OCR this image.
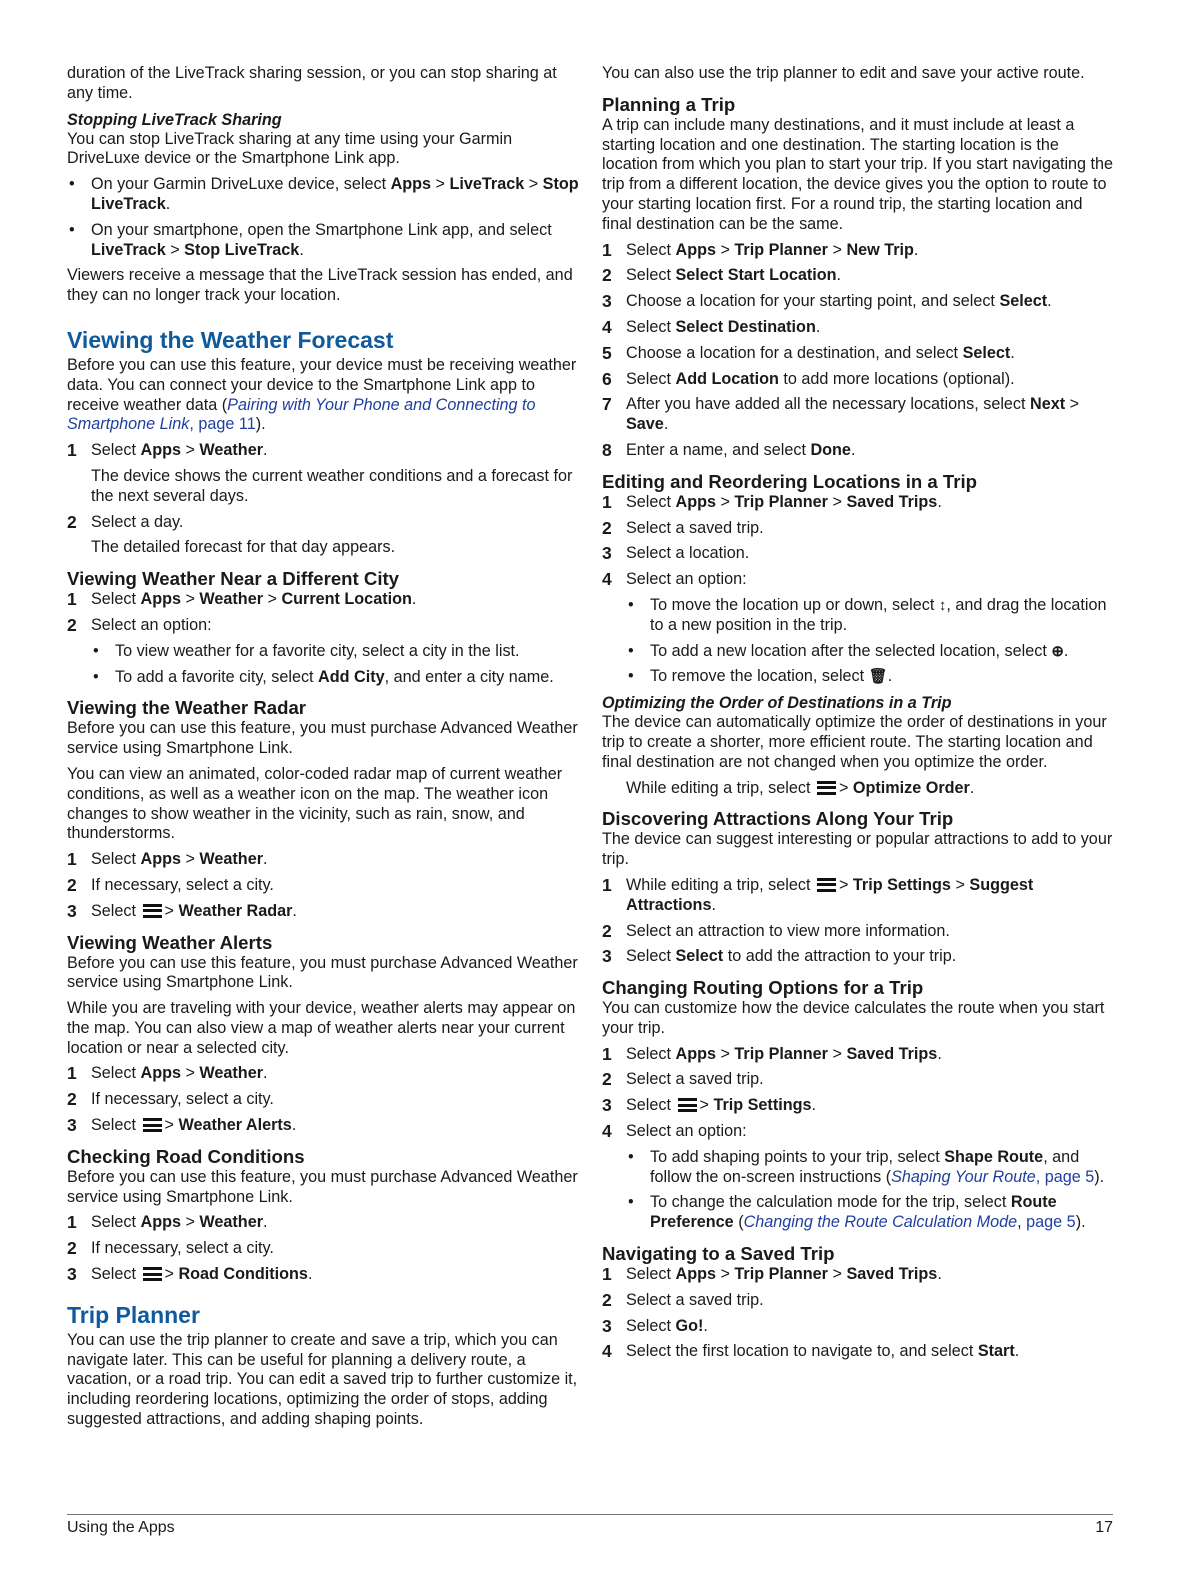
duration of the LiveTrack sharing session, or you can stop sharing at any time.

Stopping LiveTrack Sharing

You can stop LiveTrack sharing at any time using your Garmin DriveLuxe device or the Smartphone Link app.

• On your Garmin DriveLuxe device, select Apps > LiveTrack > Stop LiveTrack.
• On your smartphone, open the Smartphone Link app, and select LiveTrack > Stop LiveTrack.

Viewers receive a message that the LiveTrack session has ended, and they can no longer track your location.

Viewing the Weather Forecast

Before you can use this feature, your device must be receiving weather data. You can connect your device to the Smartphone Link app to receive weather data (Pairing with Your Phone and Connecting to Smartphone Link, page 11).

1 Select Apps > Weather.

The device shows the current weather conditions and a forecast for the next several days.

2 Select a day.

The detailed forecast for that day appears.

Viewing Weather Near a Different City
1 Select Apps > Weather > Current Location.
2 Select an option:
• To view weather for a favorite city, select a city in the list.
• To add a favorite city, select Add City, and enter a city name.
Viewing the Weather Radar

Before you can use this feature, you must purchase Advanced Weather service using Smartphone Link.

You can view an animated, color-coded radar map of current weather conditions, as well as a weather icon on the map. The weather icon changes to show weather in the vicinity, such as rain, snow, and thunderstorms.

1 Select Apps > Weather.
2 If necessary, select a city.
3 Select
> Weather Radar.
Viewing Weather Alerts

Before you can use this feature, you must purchase Advanced Weather service using Smartphone Link.

While you are traveling with your device, weather alerts may appear on the map. You can also view a map of weather alerts near your current location or near a selected city.

1 Select Apps > Weather.
2 If necessary, select a city.
3 Select
> Weather Alerts.
Checking Road Conditions

Before you can use this feature, you must purchase Advanced Weather service using Smartphone Link.

1 Select Apps > Weather.
2 If necessary, select a city.
3 Select
> Road Conditions.
Trip Planner

You can use the trip planner to create and save a trip, which you can navigate later. This can be useful for planning a delivery route, a vacation, or a road trip. You can edit a saved trip to further customize it, including reordering locations, optimizing the order of stops, adding suggested attractions, and adding shaping points.

You can also use the trip planner to edit and save your active route.

Planning a Trip

A trip can include many destinations, and it must include at least a starting location and one destination. The starting location is the location from which you plan to start your trip. If you start navigating the trip from a different location, the device gives you the option to route to your starting location first. For a round trip, the starting location and final destination can be the same.

1 Select Apps > Trip Planner > New Trip.
2 Select Select Start Location.
3 Choose a location for your starting point, and select Select.
4 Select Select Destination.
5 Choose a location for a destination, and select Select.
6 Select Add Location to add more locations (optional).
7 After you have added all the necessary locations, select Next > Save.
8 Enter a name, and select Done.
Editing and Reordering Locations in a Trip
1 Select Apps > Trip Planner > Saved Trips.
2 Select a saved trip.
3 Select a location.
4 Select an option:
• To move the location up or down, select ↕, and drag the location to a new position in the trip.
• To add a new location after the selected location, select ⊕.
• To remove the location, select 🗑.
Optimizing the Order of Destinations in a Trip

The device can automatically optimize the order of destinations in your trip to create a shorter, more efficient route. The starting location and final destination are not changed when you optimize the order.

While editing a trip, select
> Optimize Order.

Discovering Attractions Along Your Trip

The device can suggest interesting or popular attractions to add to your trip.

1 While editing a trip, select
> Trip Settings > Suggest Attractions.
2 Select an attraction to view more information.
3 Select Select to add the attraction to your trip.
Changing Routing Options for a Trip

You can customize how the device calculates the route when you start your trip.

1 Select Apps > Trip Planner > Saved Trips.
2 Select a saved trip.
3 Select
> Trip Settings.
4 Select an option:
• To add shaping points to your trip, select Shape Route, and follow the on-screen instructions (Shaping Your Route, page 5).
• To change the calculation mode for the trip, select Route Preference (Changing the Route Calculation Mode, page 5).
Navigating to a Saved Trip
1 Select Apps > Trip Planner > Saved Trips.
2 Select a saved trip.
3 Select Go!.
4 Select the first location to navigate to, and select Start.
Using the Apps	17
